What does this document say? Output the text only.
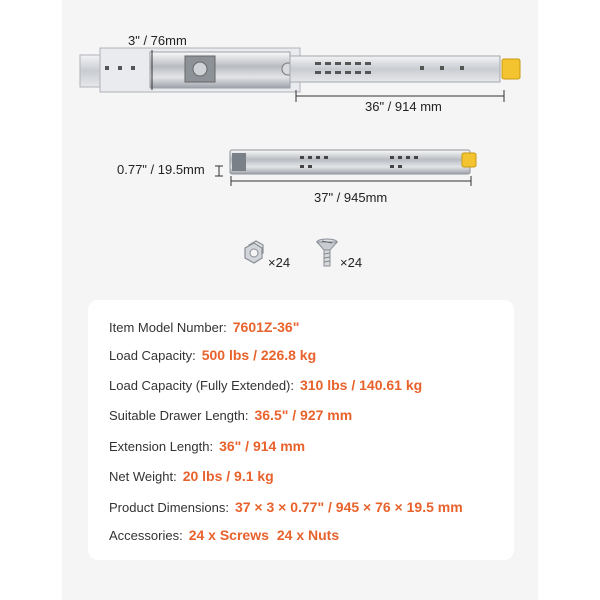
3" / 76mm
36" / 914 mm
0.77" / 19.5mm
37" / 945mm
×24	×24
Item Model Number: 7601Z-36"
Load Capacity: 500 lbs / 226.8 kg
Load Capacity (Fully Extended): 310 lbs / 140.61 kg
Suitable Drawer Length: 36.5" / 927 mm
Extension Length: 36" / 914 mm
Net Weight: 20 lbs / 9.1 kg
Product Dimensions: 37 × 3 × 0.77" / 945 × 76 × 19.5 mm
Accessories: 24 x Screws 24 x Nuts
